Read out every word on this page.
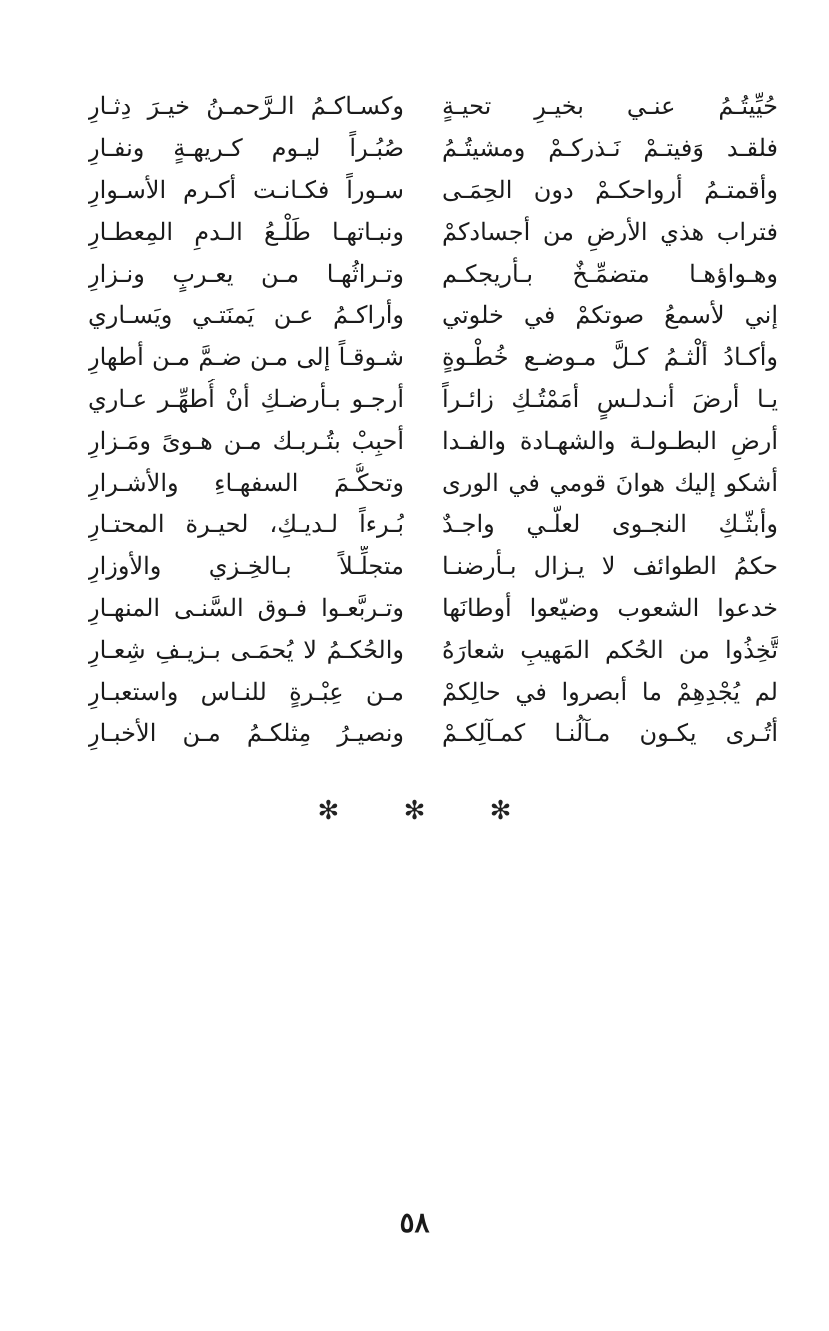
حُيِّيتُـمُ عنـي بخيـرِ تحيـةٍ
وكسـاكـمُ الـرَّحمـنُ خيـرَ دِثـارِ
فلقـد وَفيتـمْ نَـذركـمْ ومشيتُـمُ
صُبُـراً ليـوم كـريهـةٍ ونفـارِ
وأقمتـمُ أرواحكـمْ دون الحِمَـى
سـوراً فكـانـت أكـرم الأسـوارِ
فتراب هذي الأرضِ من أجسادكمْ
ونبـاتهـا طَلْـعُ الـدمِ المِعطـارِ
وهـواؤهـا متضمِّـخٌ بـأريجكـم
وتـراثُهـا مـن يعـربٍ ونـزارِ
إني لأسمعُ صوتكمْ في خلوتي
وأراكـمُ عـن يَمنَتـي ويَسـاري
وأكـادُ ألْثـمُ كـلَّ مـوضـع خُطْـوةٍ
شـوقـاً إلى مـن ضـمَّ مـن أطهارِ
يـا أرضَ أنـدلـسٍ أمَمْتُـكِ زائـراً
أرجـو بـأرضـكِ أنْ أُطهِّـر عـاري
أرضِ البطـولـة والشهـادة والفـدا
أحبِبْ بتُـربـك مـن هـوىً ومَـزارِ
أشكو إليك هوانَ قومي في الورى
وتحكُّـمَ السفهـاءِ والأشـرارِ
وأبثّـكِ النجـوى لعلّـي واجـدٌ
بُـرءاً لـديـكِ، لحيـرة المحتـارِ
حكمُ الطوائف لا يـزال بـأرضنـا
متجلِّـلاً بـالخِـزي والأوزارِ
خدعوا الشعوب وضيّعوا أوطانَها
وتـربَّعـوا فـوق السَّنـى المنهـارِ
تَّخِذُوا من الحُكم المَهيبِ شعارَهُ
والحُكـمُ لا يُحمَـى بـزيـفِ شِعـارِ
لم يُجْدِهِمْ ما أبصروا في حالِكمْ
مـن عِبْـرةٍ للنـاس واستعبـارِ
أتُـرى يكـون مـآلُنـا كمـآلِكـمْ
ونصيـرُ مِثلكـمُ مـن الأخبـارِ
✻ ✻ ✻
٥٨
